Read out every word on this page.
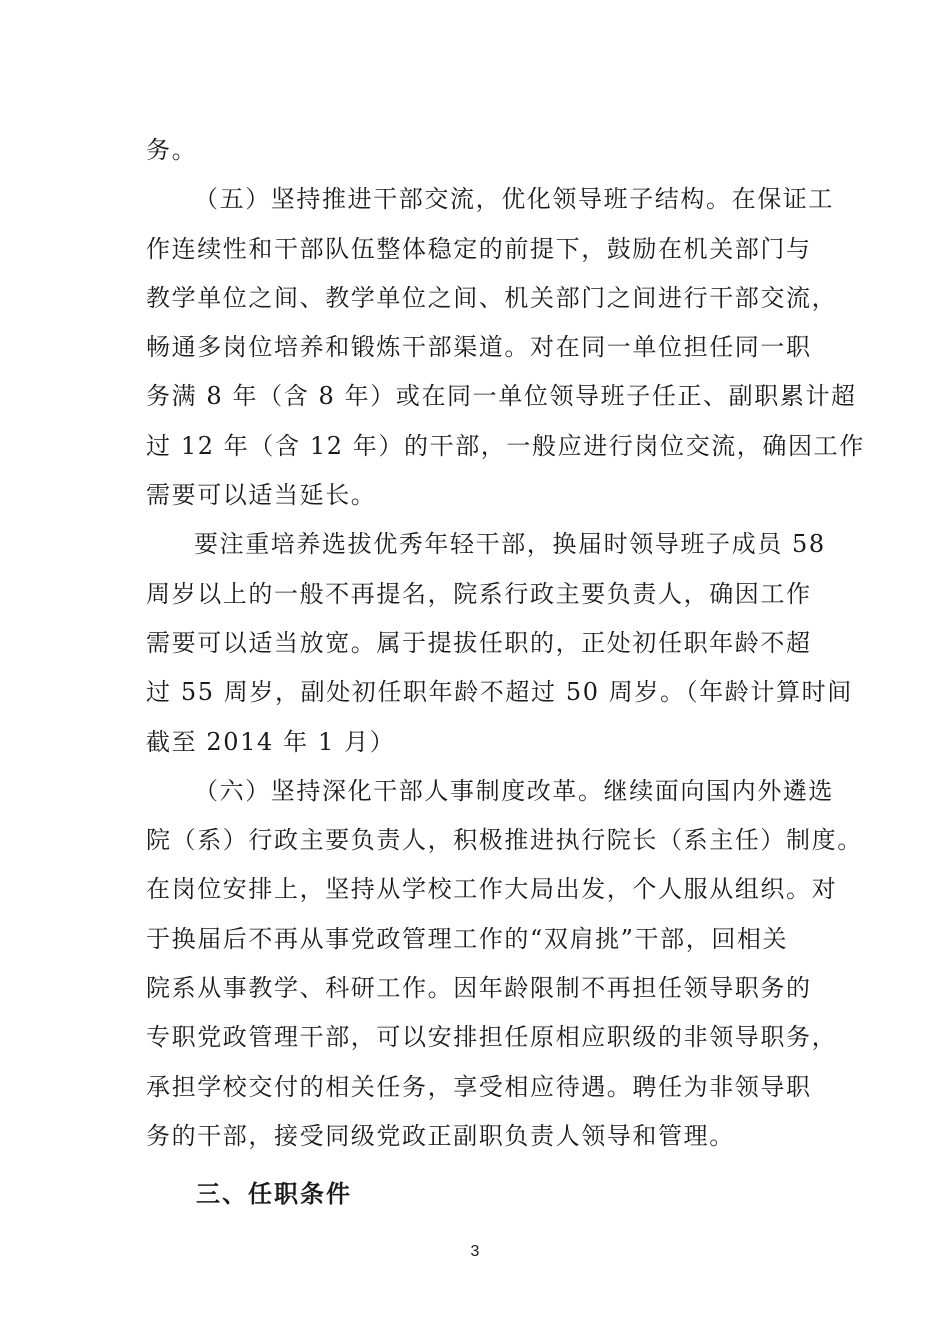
务。
（五）坚持推进干部交流，优化领导班子结构。在保证工
作连续性和干部队伍整体稳定的前提下，鼓励在机关部门与
教学单位之间、教学单位之间、机关部门之间进行干部交流，
畅通多岗位培养和锻炼干部渠道。对在同一单位担任同一职
务满 8 年（含 8 年）或在同一单位领导班子任正、副职累计超
过 12 年（含 12 年）的干部，一般应进行岗位交流，确因工作
需要可以适当延长。
要注重培养选拔优秀年轻干部，换届时领导班子成员 58
周岁以上的一般不再提名，院系行政主要负责人，确因工作
需要可以适当放宽。属于提拔任职的，正处初任职年龄不超
过 55 周岁，副处初任职年龄不超过 50 周岁。（年龄计算时间
截至 2014 年 1 月）
（六）坚持深化干部人事制度改革。继续面向国内外遴选
院（系）行政主要负责人，积极推进执行院长（系主任）制度。
在岗位安排上，坚持从学校工作大局出发，个人服从组织。对
于换届后不再从事党政管理工作的“双肩挑”干部，回相关
院系从事教学、科研工作。因年龄限制不再担任领导职务的
专职党政管理干部，可以安排担任原相应职级的非领导职务，
承担学校交付的相关任务，享受相应待遇。聘任为非领导职
务的干部，接受同级党政正副职负责人领导和管理。
三、任职条件
3
